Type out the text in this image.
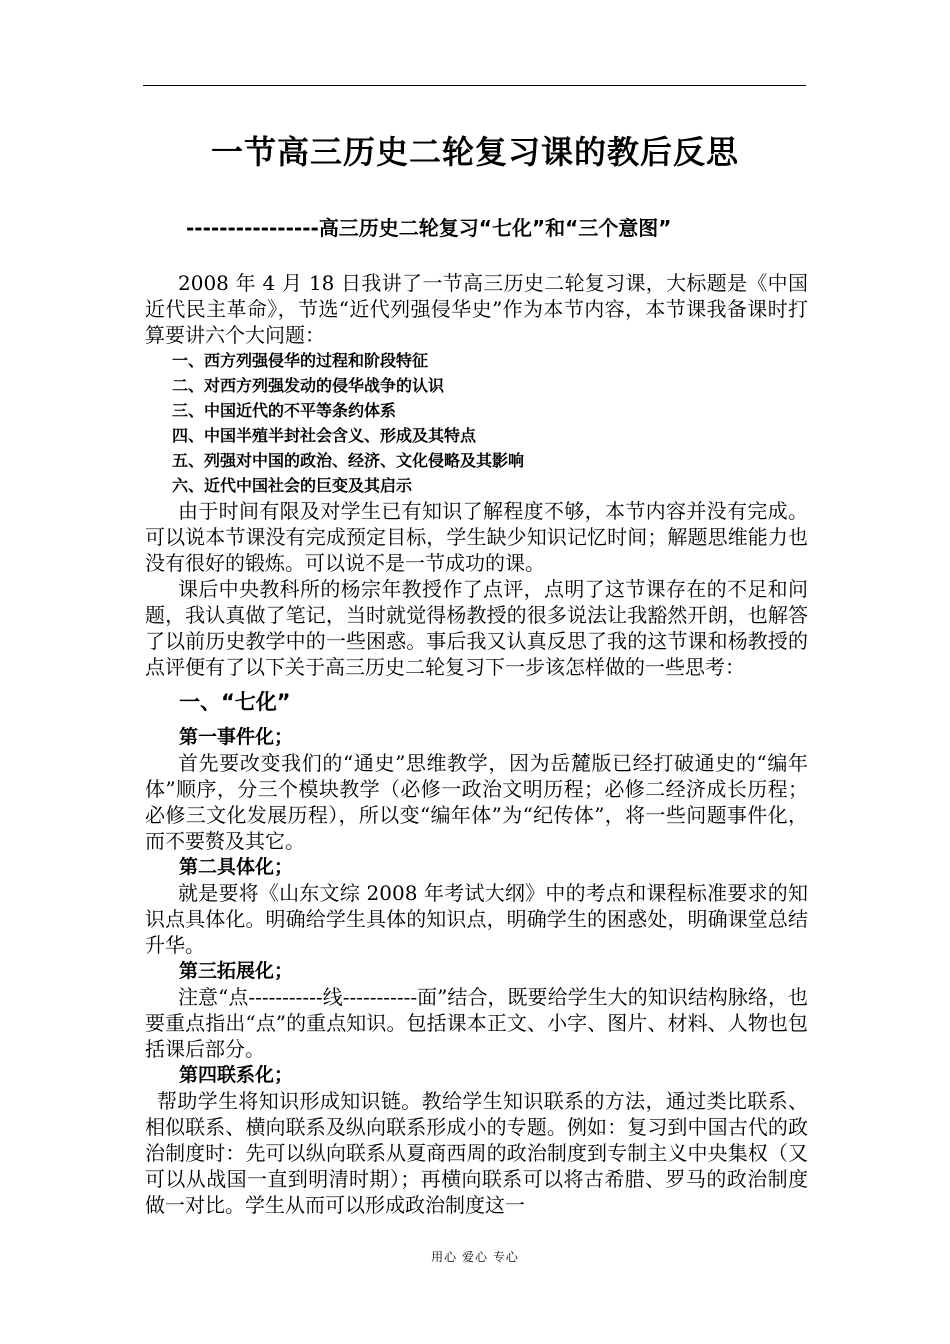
一节高三历史二轮复习课的教后反思
----------------高三历史二轮复习“七化”和“三个意图”

2008 年 4 月 18 日我讲了一节高三历史二轮复习课，大标题是《中国近代民主革命》，节选“近代列强侵华史”作为本节内容，本节课我备课时打算要讲六个大问题：

一、西方列强侵华的过程和阶段特征
二、对西方列强发动的侵华战争的认识
三、中国近代的不平等条约体系
四、中国半殖半封社会含义、形成及其特点
五、列强对中国的政治、经济、文化侵略及其影响
六、近代中国社会的巨变及其启示

由于时间有限及对学生已有知识了解程度不够，本节内容并没有完成。可以说本节课没有完成预定目标，学生缺少知识记忆时间；解题思维能力也没有很好的锻炼。可以说不是一节成功的课。

课后中央教科所的杨宗年教授作了点评，点明了这节课存在的不足和问题，我认真做了笔记，当时就觉得杨教授的很多说法让我豁然开朗，也解答了以前历史教学中的一些困惑。事后我又认真反思了我的这节课和杨教授的点评便有了以下关于高三历史二轮复习下一步该怎样做的一些思考：

一、“七化”
第一事件化；

首先要改变我们的“通史”思维教学，因为岳麓版已经打破通史的“编年体”顺序，分三个模块教学（必修一政治文明历程；必修二经济成长历程；必修三文化发展历程），所以变“编年体”为“纪传体”，将一些问题事件化，而不要赘及其它。

第二具体化；

就是要将《山东文综 2008 年考试大纲》中的考点和课程标准要求的知识点具体化。明确给学生具体的知识点，明确学生的困惑处，明确课堂总结升华。

第三拓展化；

注意“点-----------线-----------面”结合，既要给学生大的知识结构脉络，也要重点指出“点”的重点知识。包括课本正文、小字、图片、材料、人物也包括课后部分。

第四联系化；

帮助学生将知识形成知识链。教给学生知识联系的方法，通过类比联系、相似联系、横向联系及纵向联系形成小的专题。例如：复习到中国古代的政治制度时：先可以纵向联系从夏商西周的政治制度到专制主义中央集权（又可以从战国一直到明清时期）；再横向联系可以将古希腊、罗马的政治制度做一对比。学生从而可以形成政治制度这一

用心 爱心 专心
